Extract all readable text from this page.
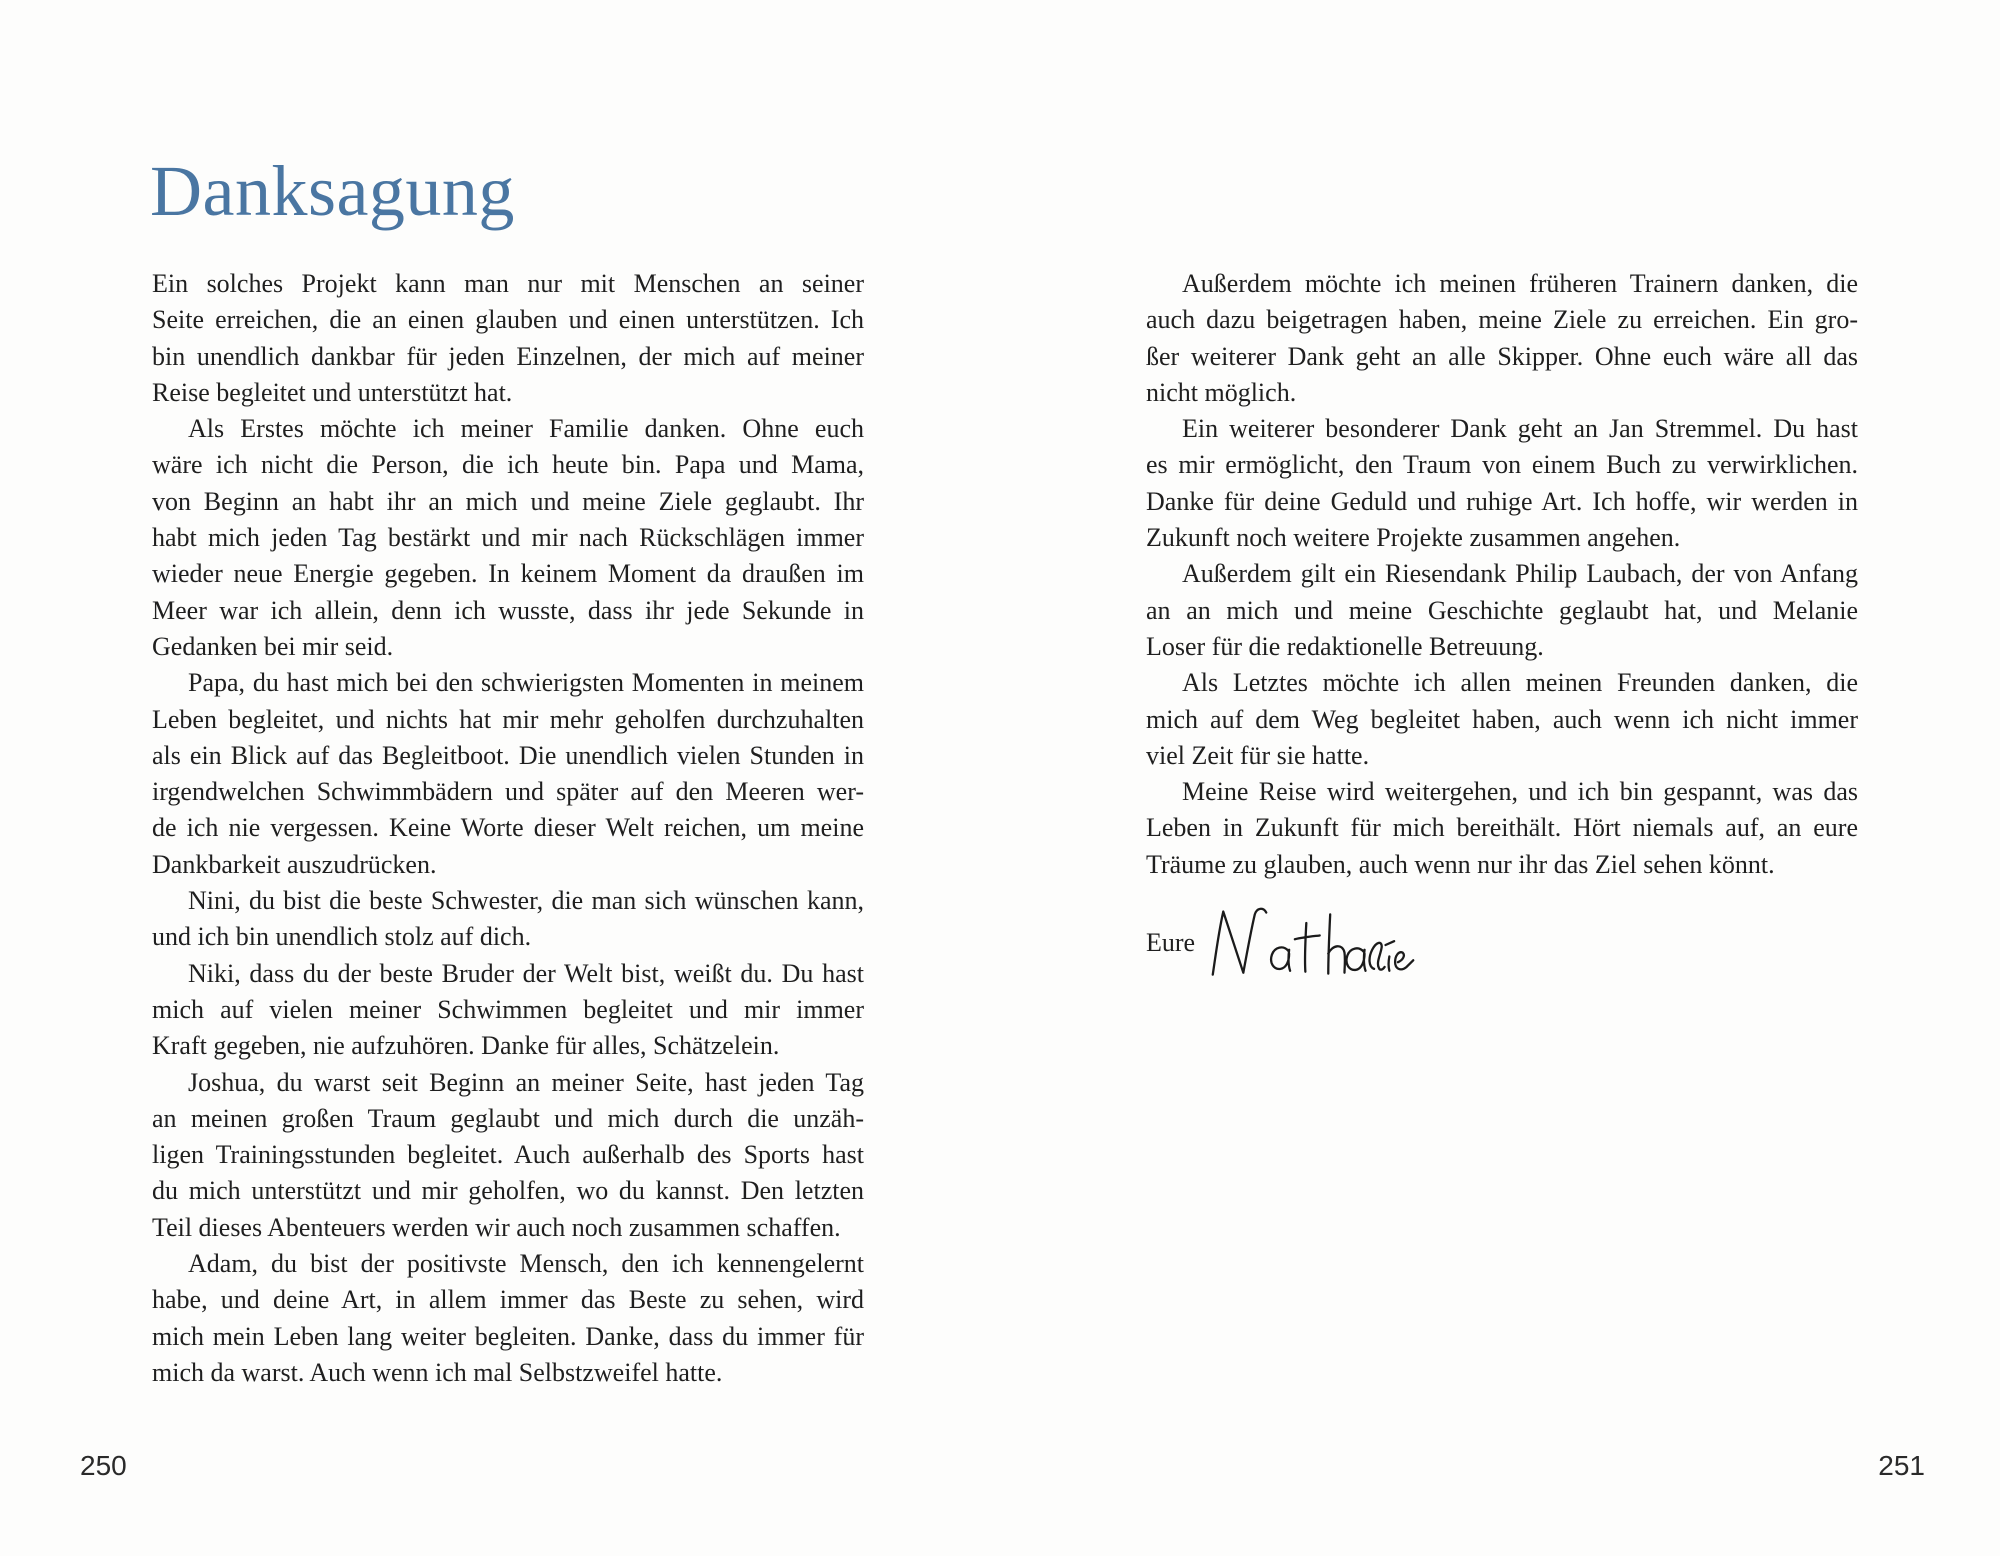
Danksagung
Ein solches Projekt kann man nur mit Menschen an seiner
Seite erreichen, die an einen glauben und einen unterstützen. Ich
bin unendlich dankbar für jeden Einzelnen, der mich auf meiner
Reise begleitet und unterstützt hat.
Als Erstes möchte ich meiner Familie danken. Ohne euch
wäre ich nicht die Person, die ich heute bin. Papa und Mama,
von Beginn an habt ihr an mich und meine Ziele geglaubt. Ihr
habt mich jeden Tag bestärkt und mir nach Rückschlägen immer
wieder neue Energie gegeben. In keinem Moment da draußen im
Meer war ich allein, denn ich wusste, dass ihr jede Sekunde in
Gedanken bei mir seid.
Papa, du hast mich bei den schwierigsten Momenten in meinem
Leben begleitet, und nichts hat mir mehr geholfen durchzuhalten
als ein Blick auf das Begleitboot. Die unendlich vielen Stunden in
irgendwelchen Schwimmbädern und später auf den Meeren wer-
de ich nie vergessen. Keine Worte dieser Welt reichen, um meine
Dankbarkeit auszudrücken.
Nini, du bist die beste Schwester, die man sich wünschen kann,
und ich bin unendlich stolz auf dich.
Niki, dass du der beste Bruder der Welt bist, weißt du. Du hast
mich auf vielen meiner Schwimmen begleitet und mir immer
Kraft gegeben, nie aufzuhören. Danke für alles, Schätzelein.
Joshua, du warst seit Beginn an meiner Seite, hast jeden Tag
an meinen großen Traum geglaubt und mich durch die unzäh-
ligen Trainingsstunden begleitet. Auch außerhalb des Sports hast
du mich unterstützt und mir geholfen, wo du kannst. Den letzten
Teil dieses Abenteuers werden wir auch noch zusammen schaffen.
Adam, du bist der positivste Mensch, den ich kennengelernt
habe, und deine Art, in allem immer das Beste zu sehen, wird
mich mein Leben lang weiter begleiten. Danke, dass du immer für
mich da warst. Auch wenn ich mal Selbstzweifel hatte.
250
Außerdem möchte ich meinen früheren Trainern danken, die
auch dazu beigetragen haben, meine Ziele zu erreichen. Ein gro-
ßer weiterer Dank geht an alle Skipper. Ohne euch wäre all das
nicht möglich.
Ein weiterer besonderer Dank geht an Jan Stremmel. Du hast
es mir ermöglicht, den Traum von einem Buch zu verwirklichen.
Danke für deine Geduld und ruhige Art. Ich hoffe, wir werden in
Zukunft noch weitere Projekte zusammen angehen.
Außerdem gilt ein Riesendank Philip Laubach, der von Anfang
an an mich und meine Geschichte geglaubt hat, und Melanie
Loser für die redaktionelle Betreuung.
Als Letztes möchte ich allen meinen Freunden danken, die
mich auf dem Weg begleitet haben, auch wenn ich nicht immer
viel Zeit für sie hatte.
Meine Reise wird weitergehen, und ich bin gespannt, was das
Leben in Zukunft für mich bereithält. Hört niemals auf, an eure
Träume zu glauben, auch wenn nur ihr das Ziel sehen könnt.
Eure
251
